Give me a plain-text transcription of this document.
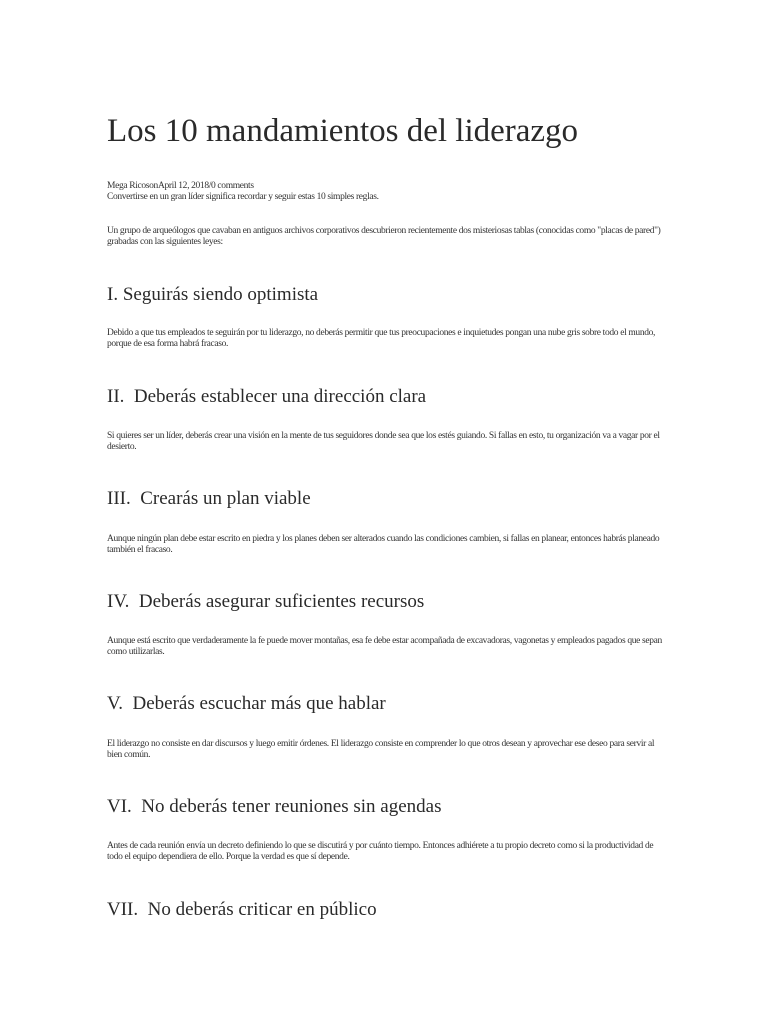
Los 10 mandamientos del liderazgo
Mega RicosonApril 12, 2018/0 comments
Convertirse en un gran líder significa recordar y seguir estas 10 simples reglas.

Un grupo de arqueólogos que cavaban en antiguos archivos corporativos descubrieron recientemente dos misteriosas tablas (conocidas como "placas de pared") grabadas con las siguientes leyes:

I. Seguirás siendo optimista

Debido a que tus empleados te seguirán por tu liderazgo, no deberás permitir que tus preocupaciones e inquietudes pongan una nube gris sobre todo el mundo, porque de esa forma habrá fracaso.

II.  Deberás establecer una dirección clara

Si quieres ser un líder, deberás crear una visión en la mente de tus seguidores donde sea que los estés guiando. Si fallas en esto, tu organización va a vagar por el desierto.

III.  Crearás un plan viable

Aunque ningún plan debe estar escrito en piedra y los planes deben ser alterados cuando las condiciones cambien, si fallas en planear, entonces habrás planeado también el fracaso.

IV.  Deberás asegurar suficientes recursos

Aunque está escrito que verdaderamente la fe puede mover montañas, esa fe debe estar acompañada de excavadoras, vagonetas y empleados pagados que sepan como utilizarlas.

V.  Deberás escuchar más que hablar

El liderazgo no consiste en dar discursos y luego emitir órdenes. El liderazgo consiste en comprender lo que otros desean y aprovechar ese deseo para servir al bien común.

VI.  No deberás tener reuniones sin agendas

Antes de cada reunión envía un decreto definiendo lo que se discutirá y por cuánto tiempo. Entonces adhiérete a tu propio decreto como si la productividad de todo el equipo dependiera de ello. Porque la verdad es que sí depende.

VII.  No deberás criticar en público
